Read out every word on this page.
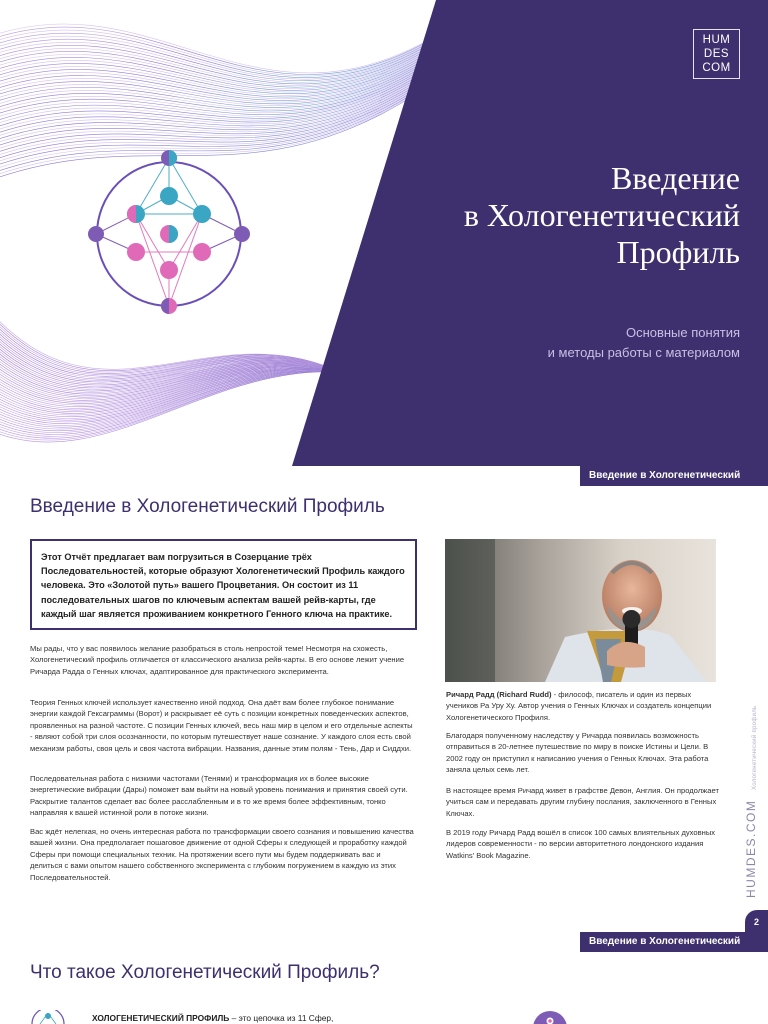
HUM
DES
COM
Введение
в Хологенетический
Профиль
Основные понятия
и методы работы с материалом
Введение в Хологенетический Профиль
Введение в Хологенетический Профиль
Этот Отчёт предлагает вам погрузиться в Созерцание трёх Последовательностей, которые образуют Хологенетический Профиль каждого человека. Это «Золотой путь» вашего Процветания. Он состоит из 11 последовательных шагов по ключевым аспектам вашей рейв-карты, где каждый шаг является проживанием конкретного Генного ключа на практике.

Мы рады, что у вас появилось желание разобраться в столь непростой теме! Несмотря на схожесть, Хологенетический профиль отличается от классического анализа рейв-карты. В его основе лежит учение Ричарда Радда о Генных ключах, адаптированное для практического эксперимента.

Теория Генных ключей использует качественно иной подход. Она даёт вам более глубокое понимание энергии каждой Гексаграммы (Ворот) и раскрывает её суть с позиции конкретных поведенческих аспектов, проявленных на разной частоте. С позиции Генных ключей, весь наш мир в целом и его отдельные аспекты - являют собой три слоя осознанности, по которым путешествует наше сознание. У каждого слоя есть свой механизм работы, своя цель и своя частота вибрации. Названия, данные этим полям - Тень, Дар и Сиддхи.

Последовательная работа с низкими частотами (Тенями) и трансформация их в более высокие энергетические вибрации (Дары) поможет вам выйти на новый уровень понимания и принятия своей сути. Раскрытие талантов сделает вас более расслабленным и в то же время более эффективным, тонко направляя к вашей истинной роли в потоке жизни.

Вас ждёт нелегкая, но очень интересная работа по трансформации своего сознания и повышению качества вашей жизни. Она предполагает пошаговое движение от одной Сферы к следующей и проработку каждой Сферы при помощи специальных техник. На протяжении всего пути мы будем поддерживать вас и делиться с вами опытом нашего собственного эксперимента с глубоким погружением в каждую из этих Последовательностей.

Ричард Радд (Richard Rudd) - философ, писатель и один из первых учеников Ра Уру Ху. Автор учения о Генных Ключах и создатель концепции Хологенетического Профиля.

Благодаря полученному наследству у Ричарда появилась возможность отправиться в 20-летнее путешествие по миру в поиске Истины и Цели. В 2002 году он приступил к написанию учения о Генных Ключах. Эта работа заняла целых семь лет.

В настоящее время Ричард живет в графстве Девон, Англия. Он продолжает учиться сам и передавать другим глубину послания, заключенного в Генных Ключах.

В 2019 году Ричард Радд вошёл в список 100 самых влиятельных духовных лидеров современности - по версии авторитетного лондонского издания Watkins' Book Magazine.

Хологенетический профиль
HUMDES.COM
2
Введение в Хологенетический Профиль
Что такое Хологенетический Профиль?
ХОЛОГЕНЕТИЧЕСКИЙ ПРОФИЛЬ – это цепочка из 11 Сфер,
